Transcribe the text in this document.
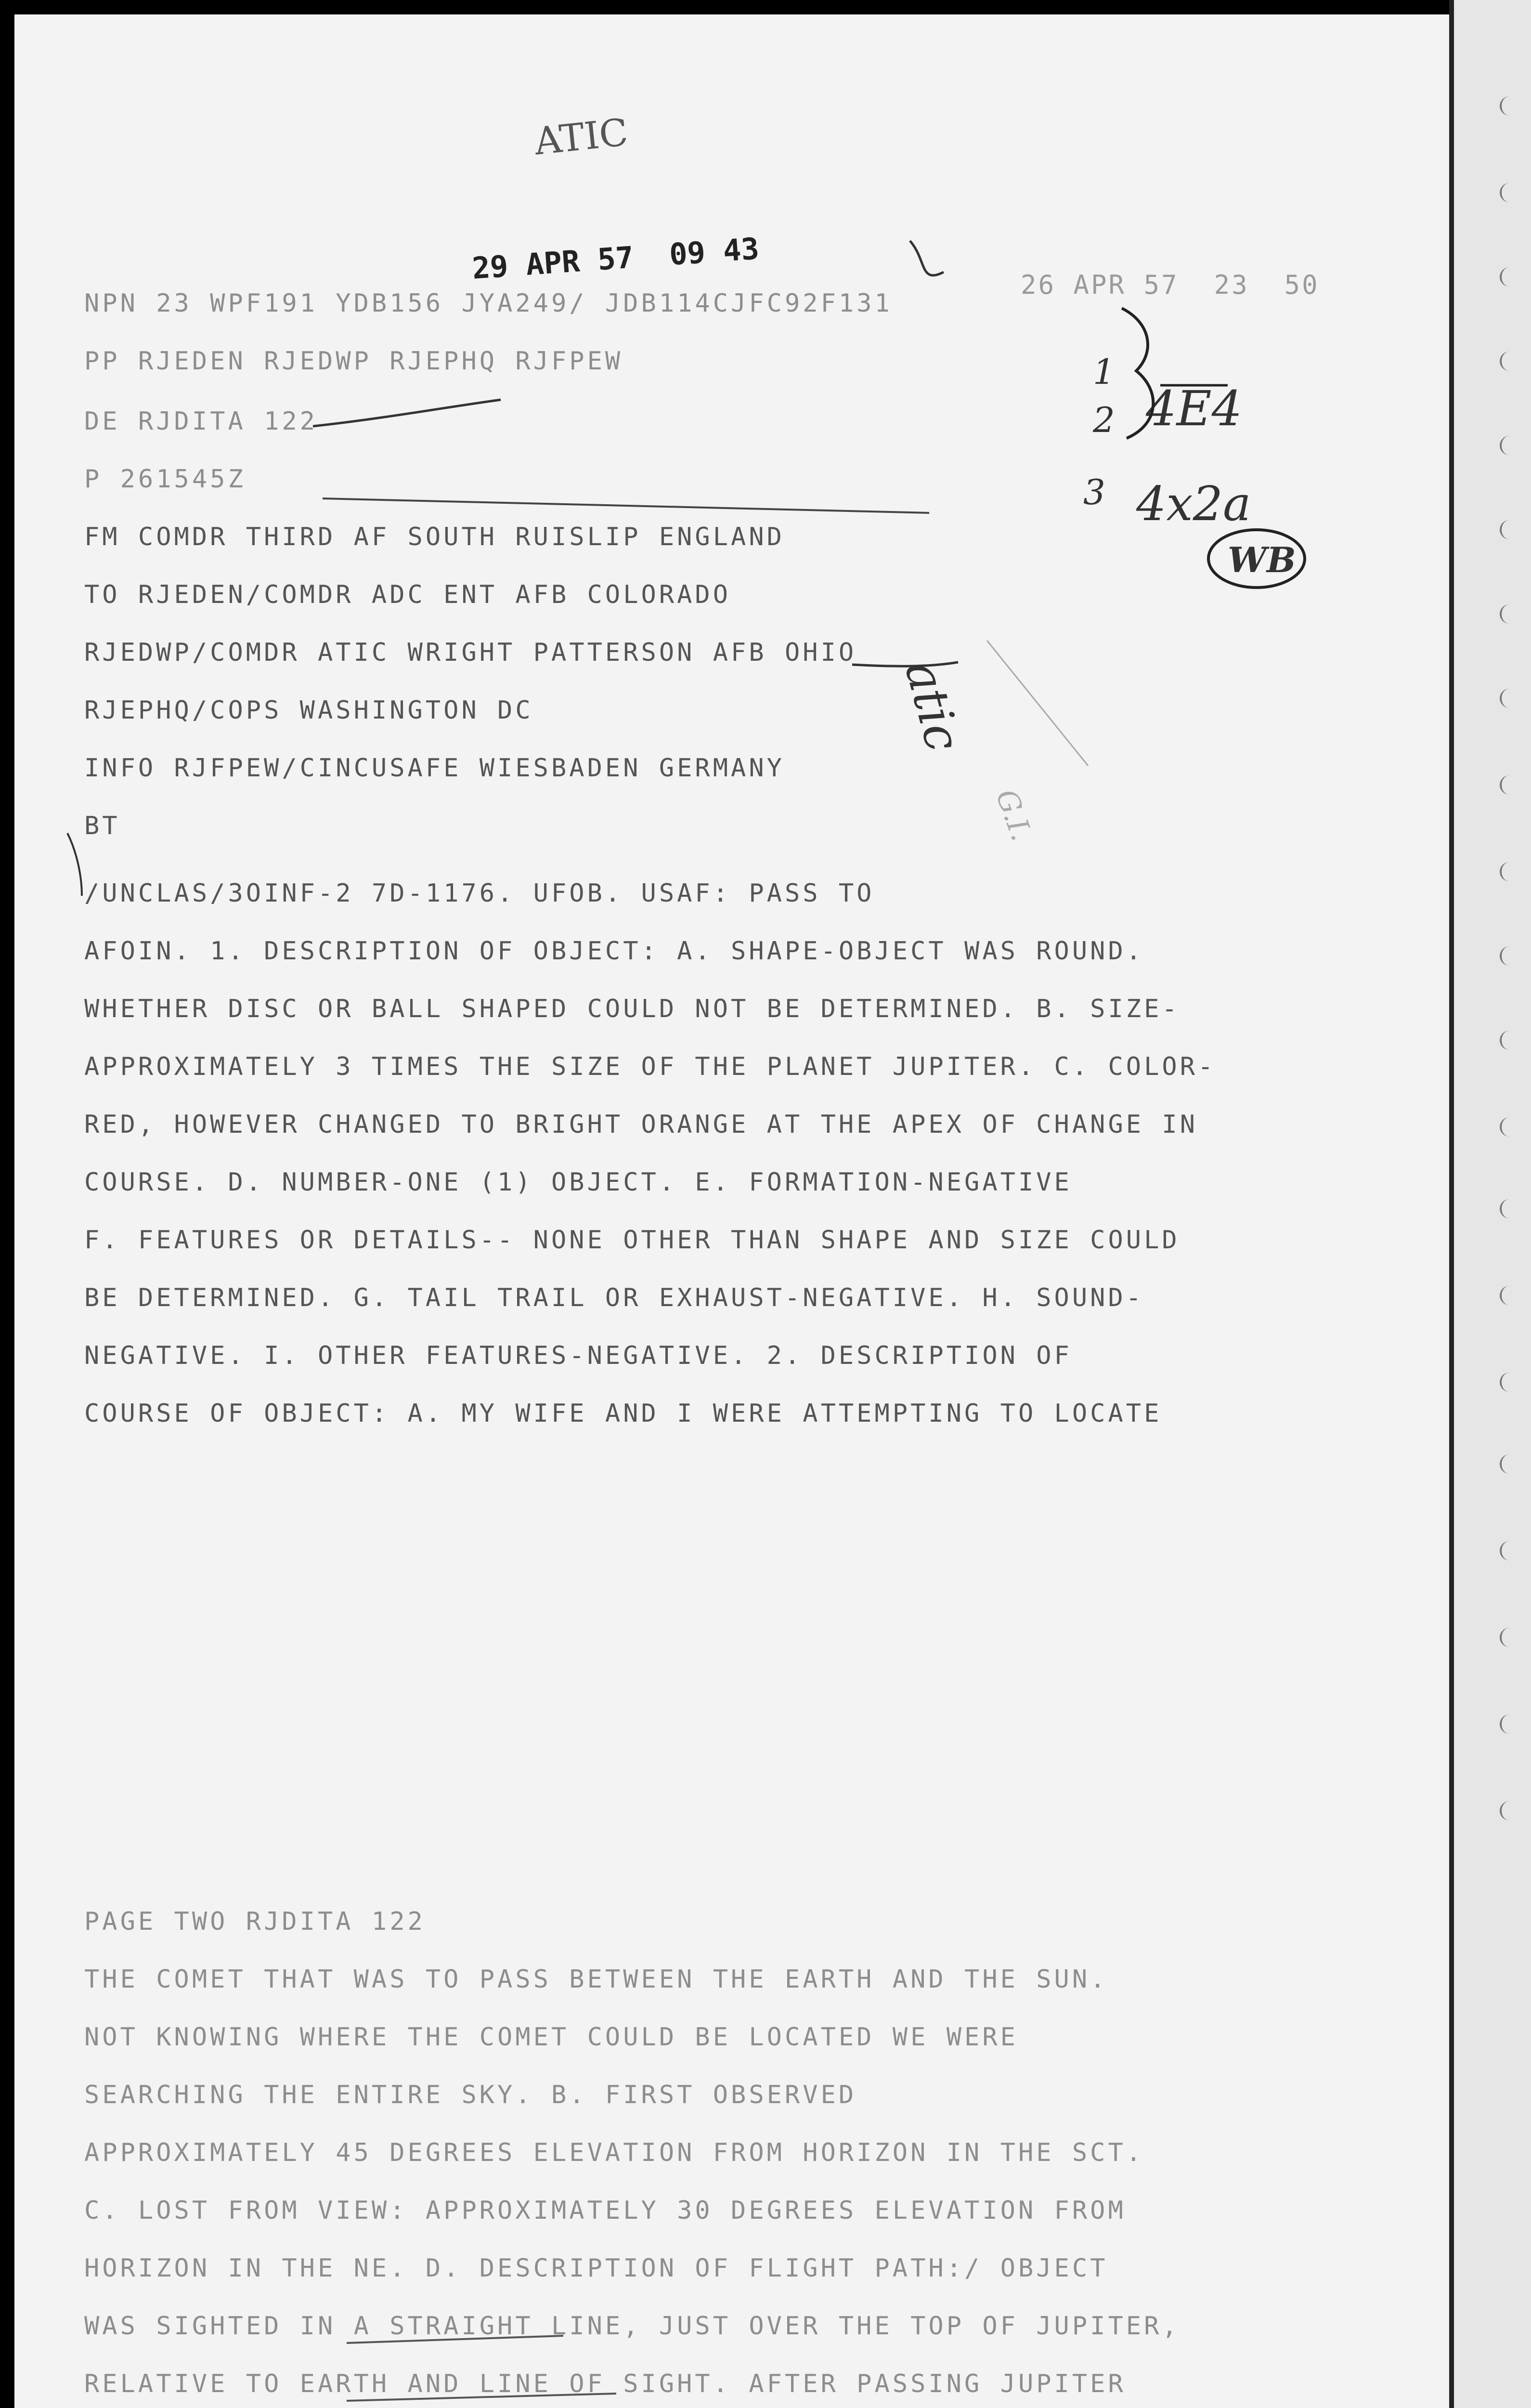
ATIC
29 APR 57  09 43	26 APR 57  23  50
NPN 23 WPF191 YDB156 JYA249/ JDB114CJFC92F131
PP RJEDEN RJEDWP RJEPHQ RJFPEW
DE RJDITA 122
P 261545Z
FM COMDR THIRD AF SOUTH RUISLIP ENGLAND
TO RJEDEN/COMDR ADC ENT AFB COLORADO
RJEDWP/COMDR ATIC WRIGHT PATTERSON AFB OHIO
RJEPHQ/COPS WASHINGTON DC
INFO RJFPEW/CINCUSAFE WIESBADEN GERMANY
BT
/UNCLAS/3OINF-2 7D-1176. UFOB. USAF: PASS TO
AFOIN. 1. DESCRIPTION OF OBJECT: A. SHAPE-OBJECT WAS ROUND.
WHETHER DISC OR BALL SHAPED COULD NOT BE DETERMINED. B. SIZE-
APPROXIMATELY 3 TIMES THE SIZE OF THE PLANET JUPITER. C. COLOR-
RED, HOWEVER CHANGED TO BRIGHT ORANGE AT THE APEX OF CHANGE IN
COURSE. D. NUMBER-ONE (1) OBJECT. E. FORMATION-NEGATIVE
F. FEATURES OR DETAILS-- NONE OTHER THAN SHAPE AND SIZE COULD
BE DETERMINED. G. TAIL TRAIL OR EXHAUST-NEGATIVE. H. SOUND-
NEGATIVE. I. OTHER FEATURES-NEGATIVE. 2. DESCRIPTION OF
COURSE OF OBJECT: A. MY WIFE AND I WERE ATTEMPTING TO LOCATE
PAGE TWO RJDITA 122
THE COMET THAT WAS TO PASS BETWEEN THE EARTH AND THE SUN.
NOT KNOWING WHERE THE COMET COULD BE LOCATED WE WERE
SEARCHING THE ENTIRE SKY. B. FIRST OBSERVED
APPROXIMATELY 45 DEGREES ELEVATION FROM HORIZON IN THE SCT.
C. LOST FROM VIEW: APPROXIMATELY 30 DEGREES ELEVATION FROM
HORIZON IN THE NE. D. DESCRIPTION OF FLIGHT PATH:/ OBJECT
WAS SIGHTED IN A STRAIGHT LINE, JUST OVER THE TOP OF JUPITER,
RELATIVE TO EARTH AND LINE OF SIGHT. AFTER PASSING JUPITER
1
2
3
4E4
4x2a
WB
atic
G.I.
